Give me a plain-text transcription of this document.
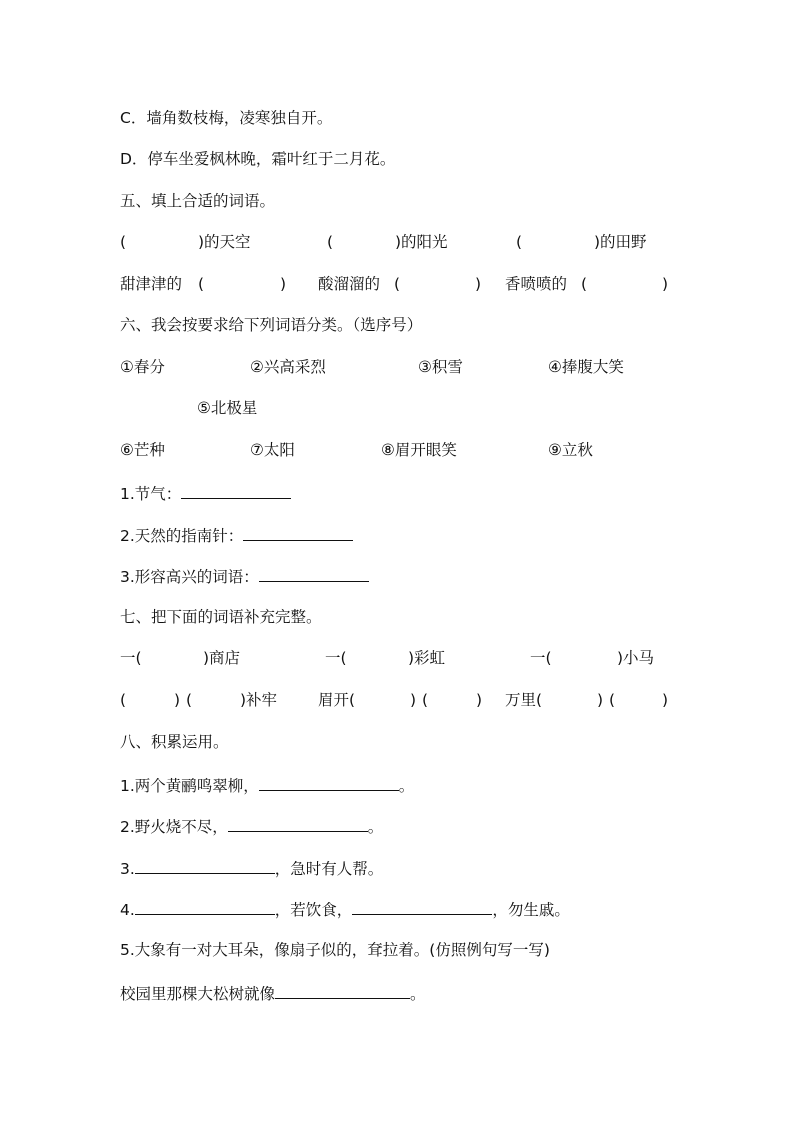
C．墙角数枝梅，凌寒独自开。
D．停车坐爱枫林晚，霜叶红于二月花。
五、填上合适的词语。
(	) 的天空	(	) 的阳光	(	) 的田野
甜津津的 (	) 酸溜溜的 (	) 香喷喷的 (	)
六、我会按要求给下列词语分类。（选序号）
①春分	②兴高采烈	③积雪	④捧腹大笑
⑤北极星
⑥芒种	⑦太阳	⑧眉开眼笑	⑨立秋
1.节气：
2.天然的指南针：
3.形容高兴的词语：
七、把下面的词语补充完整。
一(	)商店	一(	)彩虹	一(	)小马
(	) (	)补牢	眉开(	) (	) 万里(	) (	)
八、积累运用。
1.两个黄鹂鸣翠柳，	。
2.野火烧不尽，	。
3.	，急时有人帮。
4.	，若饮食，	，勿生戚。
5.大象有一对大耳朵，像扇子似的，耷拉着。(仿照例句写一写)
校园里那棵大松树就像	。
